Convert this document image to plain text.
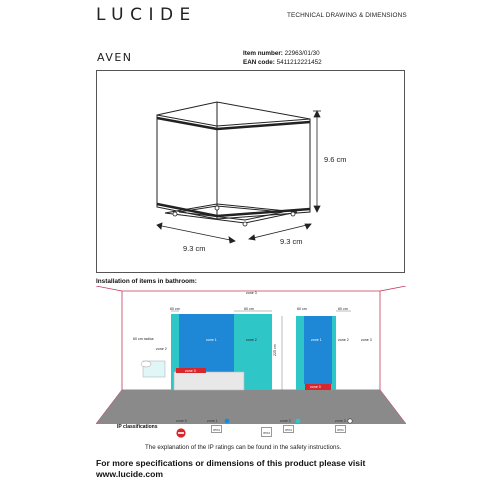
LUCIDE	TECHNICAL DRAWING & DIMENSIONS
AVEN	Item number: 22963/01/30
EAN code: 5411212221452
9.6 cm
9.3 cm
9.3 cm
Installation of items in bathroom:
zone 3
zone 3
zone 2
zone 2	zone 2
zone 1	zone 1
zone 0
zone 0
60 cm	60 cm	60 cm	60 cm
60 cm radius
225 cm
IP classifications
zone 0	zone 1	zone 2	zone 3
IPX4
IPX4
IPX4	IPX1
The explanation of the IP ratings can be found in the safety instructions.
For more specifications or dimensions of this product please visit
www.lucide.com
